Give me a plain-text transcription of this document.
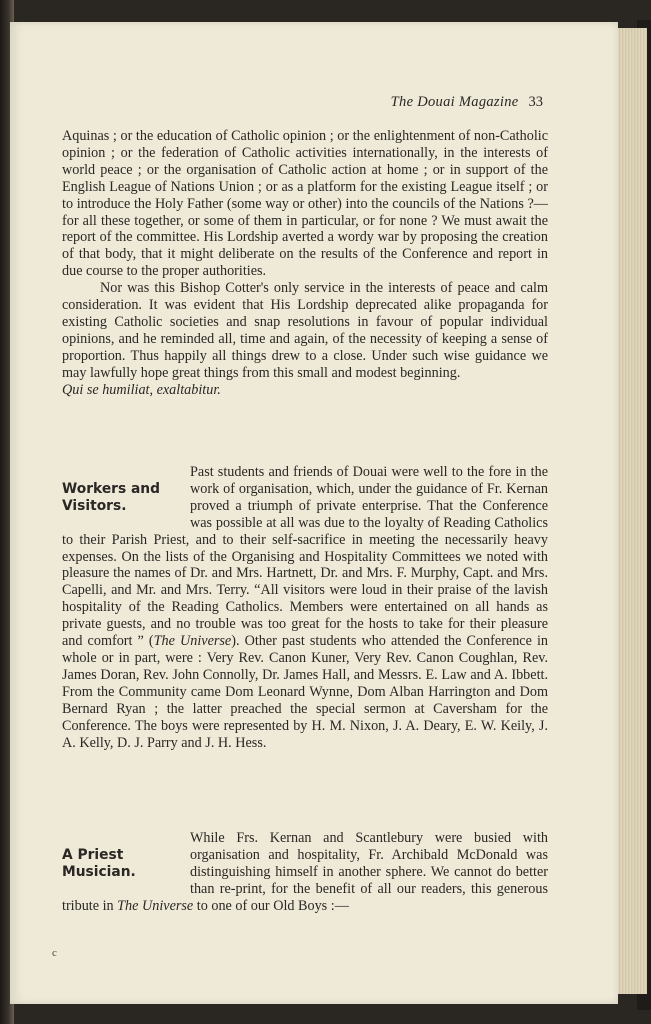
The Douai Magazine 33

Aquinas ; or the education of Catholic opinion ; or the enlightenment of non-Catholic opinion ; or the federation of Catholic activities internationally, in the interests of world peace ; or the organisation of Catholic action at home ; or in support of the English League of Nations Union ; or as a platform for the existing League itself ; or to introduce the Holy Father (some way or other) into the councils of the Nations ?—for all these together, or some of them in particular, or for none ? We must await the report of the committee. His Lordship averted a wordy war by proposing the creation of that body, that it might deliberate on the results of the Conference and report in due course to the proper authorities.

Nor was this Bishop Cotter's only service in the interests of peace and calm consideration. It was evident that His Lordship deprecated alike propaganda for existing Catholic societies and snap resolutions in favour of popular individual opinions, and he reminded all, time and again, of the necessity of keeping a sense of proportion. Thus happily all things drew to a close. Under such wise guidance we may lawfully hope great things from this small and modest beginning.

Qui se humiliat, exaltabitur.

Workers and Visitors.

Past students and friends of Douai were well to the fore in the work of organisation, which, under the guidance of Fr. Kernan proved a triumph of private enterprise. That the Conference was possible at all was due to the loyalty of Reading Catholics to their Parish Priest, and to their self-sacrifice in meeting the necessarily heavy expenses. On the lists of the Organising and Hospitality Committees we noted with pleasure the names of Dr. and Mrs. Hartnett, Dr. and Mrs. F. Murphy, Capt. and Mrs. Capelli, and Mr. and Mrs. Terry. “All visitors were loud in their praise of the lavish hospitality of the Reading Catholics. Members were entertained on all hands as private guests, and no trouble was too great for the hosts to take for their pleasure and comfort ” (The Universe). Other past students who attended the Conference in whole or in part, were : Very Rev. Canon Kuner, Very Rev. Canon Coughlan, Rev. James Doran, Rev. John Connolly, Dr. James Hall, and Messrs. E. Law and A. Ibbett. From the Community came Dom Leonard Wynne, Dom Alban Harrington and Dom Bernard Ryan ; the latter preached the special sermon at Caversham for the Conference. The boys were represented by H. M. Nixon, J. A. Deary, E. W. Keily, J. A. Kelly, D. J. Parry and J. H. Hess.

A Priest Musician.

While Frs. Kernan and Scantlebury were busied with organisation and hospitality, Fr. Archibald McDonald was distinguishing himself in another sphere. We cannot do better than re-print, for the benefit of all our readers, this generous tribute in The Universe to one of our Old Boys :—

c
